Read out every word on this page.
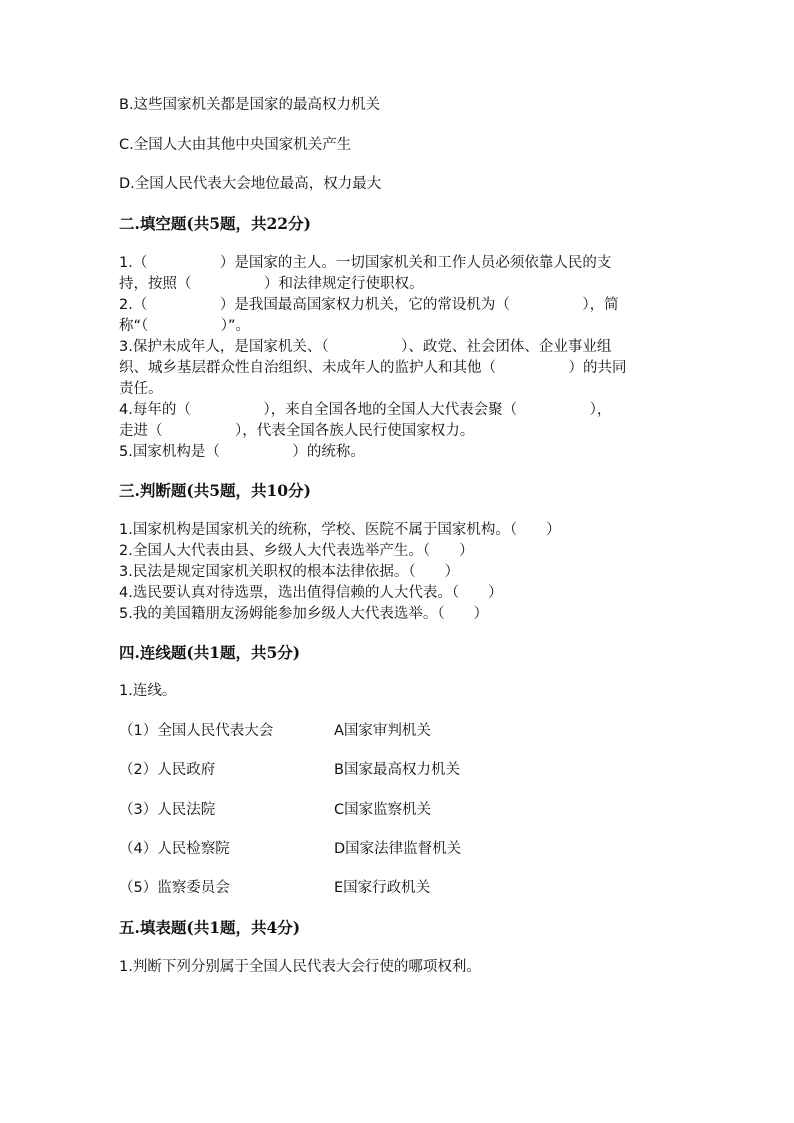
B.这些国家机关都是国家的最高权力机关
C.全国人大由其他中央国家机关产生
D.全国人民代表大会地位最高，权力最大
二.填空题(共5题，共22分)
1.（　　　　　）是国家的主人。一切国家机关和工作人员必须依靠人民的支
持，按照（　　　　　）和法律规定行使职权。
2.（　　　　　）是我国最高国家权力机关，它的常设机为（　　　　　），简
称“（　　　　　）”。
3.保护未成年人，是国家机关、（　　　　　）、政党、社会团体、企业事业组
织、城乡基层群众性自治组织、未成年人的监护人和其他（　　　　　）的共同
责任。
4.每年的（　　　　　），来自全国各地的全国人大代表会聚（　　　　　），
走进（　　　　　），代表全国各族人民行使国家权力。
5.国家机构是（　　　　　）的统称。
三.判断题(共5题，共10分)
1.国家机构是国家机关的统称，学校、医院不属于国家机构。（　　）
2.全国人大代表由县、乡级人大代表选举产生。（　　）
3.民法是规定国家机关职权的根本法律依据。（　　）
4.选民要认真对待选票，选出值得信赖的人大代表。（　　）
5.我的美国籍朋友汤姆能参加乡级人大代表选举。（　　）
四.连线题(共1题，共5分)
1.连线。
（1）全国人民代表大会	A国家审判机关
（2）人民政府	B国家最高权力机关
（3）人民法院	C国家监察机关
（4）人民检察院	D国家法律监督机关
（5）监察委员会	E国家行政机关
五.填表题(共1题，共4分)
1.判断下列分别属于全国人民代表大会行使的哪项权利。
